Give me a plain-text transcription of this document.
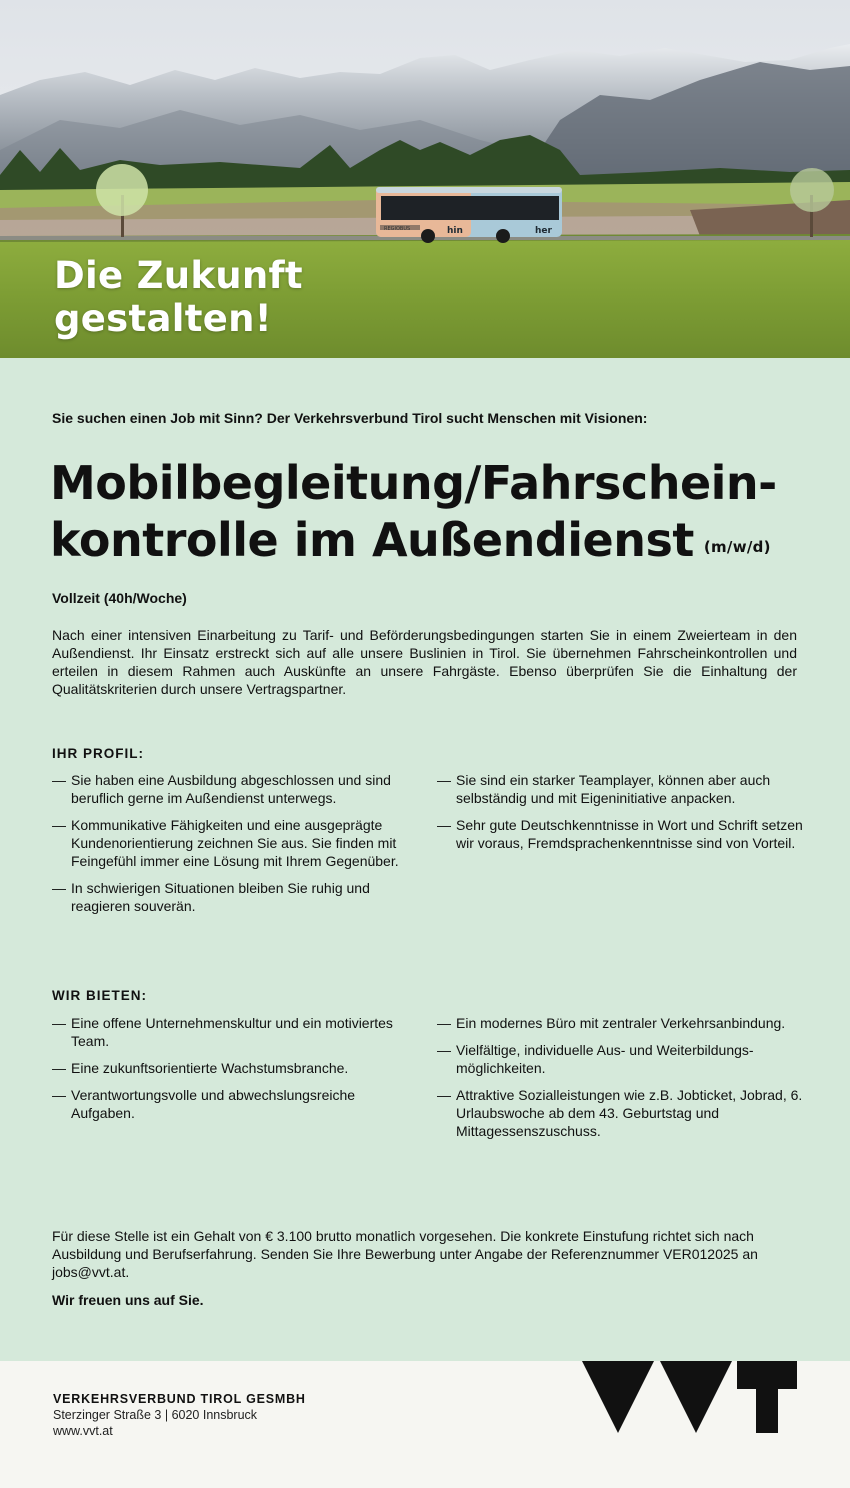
REGIOBUS	hin	her
Die Zukunft
gestalten!
Sie suchen einen Job mit Sinn? Der Verkehrsverbund Tirol sucht Menschen mit Visionen:
Mobilbegleitung/Fahrschein-
kontrolle im Außendienst (m/w/d)
Vollzeit (40h/Woche)
Nach einer intensiven Einarbeitung zu Tarif- und Beförderungsbedingungen starten Sie in einem Zweierteam in den Außendienst. Ihr Einsatz erstreckt sich auf alle unsere Buslinien in Tirol. Sie übernehmen Fahrscheinkontrollen und erteilen in diesem Rahmen auch Auskünfte an unsere Fahrgäste. Ebenso überprüfen Sie die Einhaltung der Qualitätskriterien durch unsere Vertragspartner.
IHR PROFIL:
— Sie haben eine Ausbildung abgeschlossen und sind beruflich gerne im Außendienst unterwegs.
— Kommunikative Fähigkeiten und eine ausgeprägte Kundenorientierung zeichnen Sie aus. Sie finden mit Feingefühl immer eine Lösung mit Ihrem Gegenüber.
— In schwierigen Situationen bleiben Sie ruhig und reagieren souverän.
— Sie sind ein starker Teamplayer, können aber auch selbständig und mit Eigeninitiative anpacken.
— Sehr gute Deutschkenntnisse in Wort und Schrift setzen wir voraus, Fremdsprachenkenntnisse sind von Vorteil.
WIR BIETEN:
— Eine offene Unternehmenskultur und ein motiviertes Team.
— Eine zukunftsorientierte Wachstumsbranche.
— Verantwortungsvolle und abwechslungsreiche Aufgaben.
— Ein modernes Büro mit zentraler Verkehrsanbindung.
— Vielfältige, individuelle Aus- und Weiterbildungs-möglichkeiten.
— Attraktive Sozialleistungen wie z.B. Jobticket, Jobrad, 6. Urlaubswoche ab dem 43. Geburtstag und Mittagessenszuschuss.
Für diese Stelle ist ein Gehalt von € 3.100 brutto monatlich vorgesehen. Die konkrete Einstufung richtet sich nach Ausbildung und Berufserfahrung. Senden Sie Ihre Bewerbung unter Angabe der Referenznummer VER012025 an jobs@vvt.at.
Wir freuen uns auf Sie.
VERKEHRSVERBUND TIROL GESMBH
Sterzinger Straße 3 | 6020 Innsbruck
www.vvt.at
